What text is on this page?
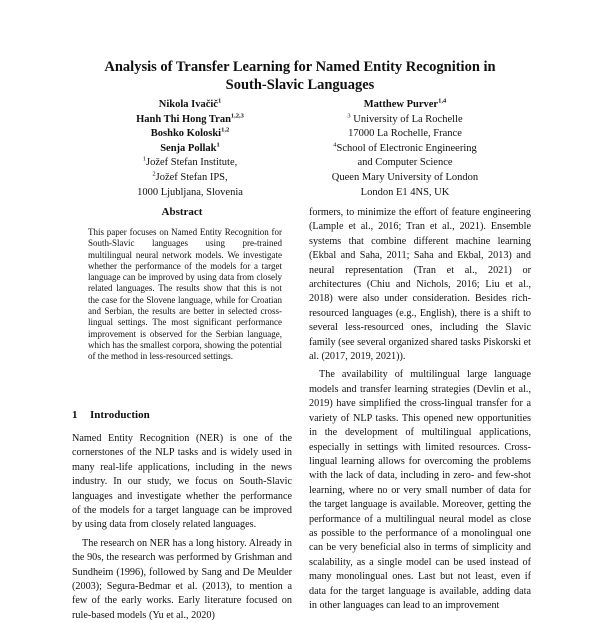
Analysis of Transfer Learning for Named Entity Recognition in
South-Slavic Languages
Nikola Ivačič$^1$
Hanh Thi Hong Tran$^{1,2,3}$
Boshko Koloski$^{1,2}$
Senja Pollak$^1$
$^1$Jožef Stefan Institute,
$^2$Jožef Stefan IPS,
1000 Ljubljana, Slovenia
Matthew Purver$^{1,4}$
$^3$ University of La Rochelle
17000 La Rochelle, France
$^4$School of Electronic Engineering
and Computer Science
Queen Mary University of London
London E1 4NS, UK
Abstract
This paper focuses on Named Entity Recognition for South-Slavic languages using pre-trained multilingual neural network models. We investigate whether the performance of the models for a target language can be improved by using data from closely related languages. The results show that this is not the case for the Slovene language, while for Croatian and Serbian, the results are better in selected cross-lingual settings. The most significant performance improvement is observed for the Serbian language, which has the smallest corpora, showing the potential of the method in less-resourced settings.
1 Introduction

Named Entity Recognition (NER) is one of the cornerstones of the NLP tasks and is widely used in many real-life applications, including in the news industry. In our study, we focus on South-Slavic languages and investigate whether the performance of the models for a target language can be improved by using data from closely related languages.

The research on NER has a long history. Already in the 90s, the research was performed by Grishman and Sundheim (1996), followed by Sang and De Meulder (2003); Segura-Bedmar et al. (2013), to mention a few of the early works. Early literature focused on rule-based models (Yu et al., 2020)

formers, to minimize the effort of feature engineering (Lample et al., 2016; Tran et al., 2021). Ensemble systems that combine different machine learning (Ekbal and Saha, 2011; Saha and Ekbal, 2013) and neural representation (Tran et al., 2021) or architectures (Chiu and Nichols, 2016; Liu et al., 2018) were also under consideration. Besides rich-resourced languages (e.g., English), there is a shift to several less-resourced ones, including the Slavic family (see several organized shared tasks Piskorski et al. (2017, 2019, 2021)).

The availability of multilingual large language models and transfer learning strategies (Devlin et al., 2019) have simplified the cross-lingual transfer for a variety of NLP tasks. This opened new opportunities in the development of multilingual applications, especially in settings with limited resources. Cross-lingual learning allows for overcoming the problems with the lack of data, including in zero- and few-shot learning, where no or very small number of data for the target language is available. Moreover, getting the performance of a multilingual neural model as close as possible to the performance of a monolingual one can be very beneficial also in terms of simplicity and scalability, as a single model can be used instead of many monolingual ones. Last but not least, even if data for the target language is available, adding data in other languages can lead to an improvement
